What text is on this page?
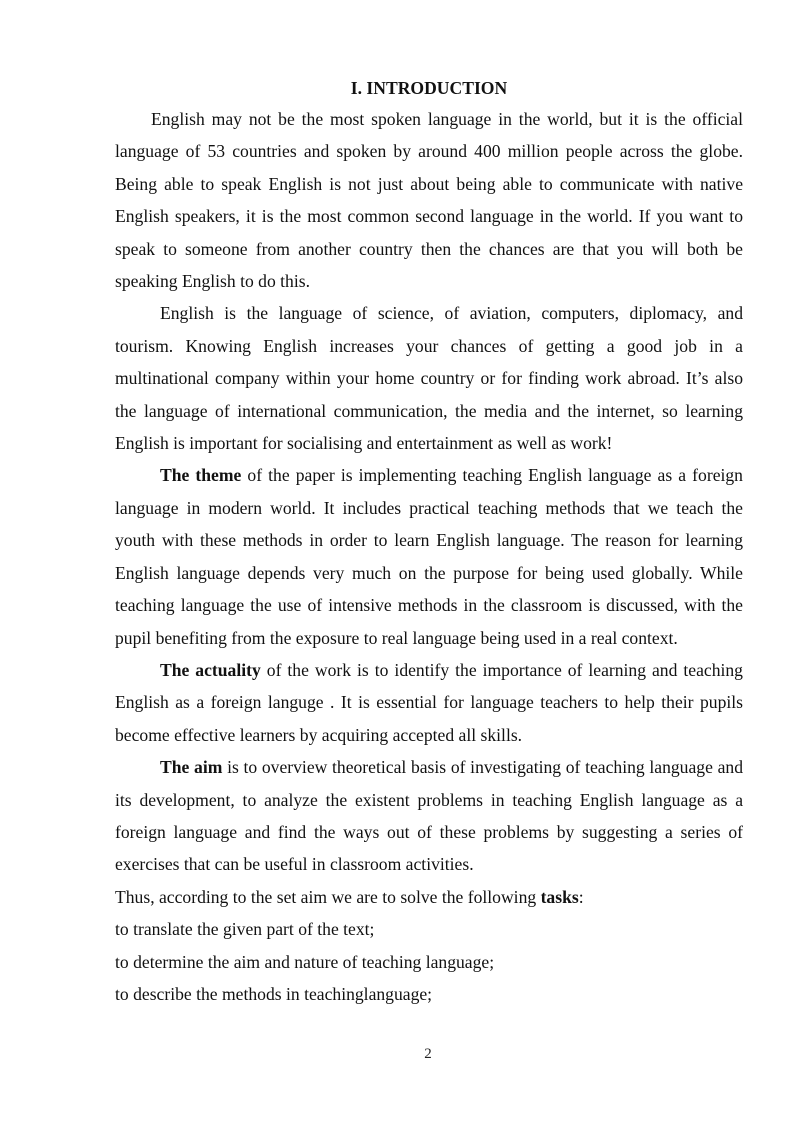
I. INTRODUCTION

English may not be the most spoken language in the world, but it is the official language of 53 countries and spoken by around 400 million people across the globe. Being able to speak English is not just about being able to communicate with native English speakers, it is the most common second language in the world. If you want to speak to someone from another country then the chances are that you will both be speaking English to do this.

English is the language of science, of aviation, computers, diplomacy, and tourism. Knowing English increases your chances of getting a good job in a multinational company within your home country or for finding work abroad. It’s also the language of international communication, the media and the internet, so learning English is important for socialising and entertainment as well as work!

The theme of the paper is implementing teaching English language as a foreign language in modern world. It includes practical teaching methods that we teach the youth with these methods in order to learn English language. The reason for learning English language depends very much on the purpose for being used globally. While teaching language the use of intensive methods in the classroom is discussed, with the pupil benefiting from the exposure to real language being used in a real context.

The actuality of the work is to identify the importance of learning and teaching English as a foreign languge . It is essential for language teachers to help their pupils become effective learners by acquiring accepted all skills.

The aim is to overview theoretical basis of investigating of teaching language and its development, to analyze the existent problems in teaching English language as a foreign language and find the ways out of these problems by suggesting a series of exercises that can be useful in classroom activities.

Thus, according to the set aim we are to solve the following tasks:

to translate the given part of the text;

to determine the aim and nature of teaching language;

to describe the methods in teachinglanguage;

2
